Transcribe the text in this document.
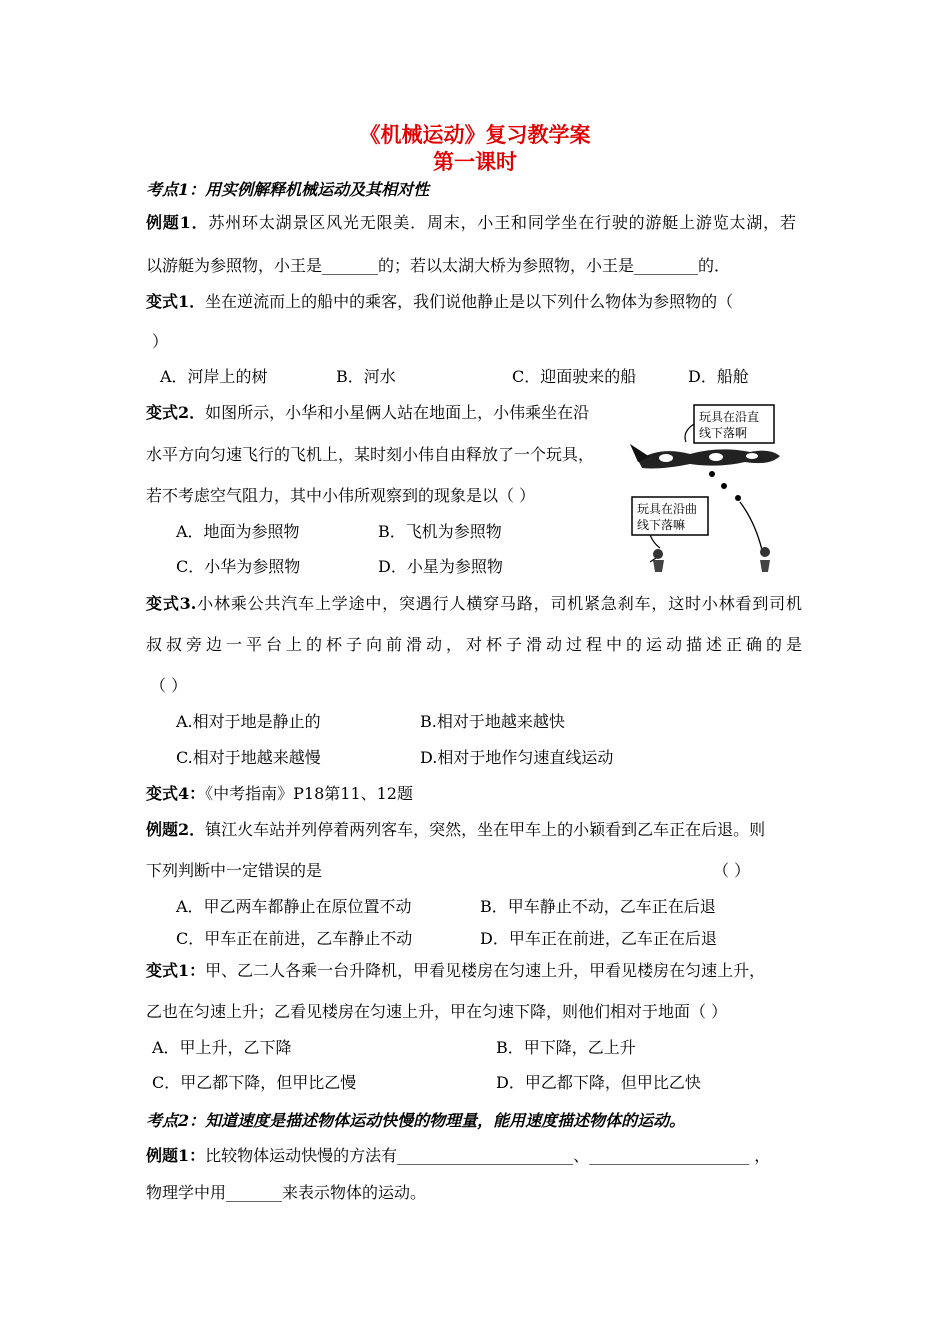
《机械运动》复习教学案
第一课时
考点1：用实例解释机械运动及其相对性
例题1．苏州环太湖景区风光无限美．周末，小王和同学坐在行驶的游艇上游览太湖，若
以游艇为参照物，小王是_______的；若以太湖大桥为参照物，小王是________的．
变式1．坐在逆流而上的船中的乘客，我们说他静止是以下列什么物体为参照物的（
）
A．河岸上的树	B．河水	C．迎面驶来的船	D．船舱
变式2．如图所示，小华和小星俩人站在地面上，小伟乘坐在沿
水平方向匀速飞行的飞机上，某时刻小伟自由释放了一个玩具，
若不考虑空气阻力，其中小伟所观察到的现象是以（ ）
A．地面为参照物	B．飞机为参照物
C．小华为参照物	D．小星为参照物
玩具在沿直
线下落啊
玩具在沿曲
线下落嘛
变式3.小林乘公共汽车上学途中，突遇行人横穿马路，司机紧急刹车，这时小林看到司机
叔叔旁边一平台上的杯子向前滑动，对杯子滑动过程中的运动描述正确的是
（ ）
A.相对于地是静止的	B.相对于地越来越快
C.相对于地越来越慢	D.相对于地作匀速直线运动
变式4：《中考指南》P18第11、12题
例题2．镇江火车站并列停着两列客车，突然，坐在甲车上的小颖看到乙车正在后退。则
下列判断中一定错误的是	（ ）
A．甲乙两车都静止在原位置不动	B．甲车静止不动，乙车正在后退
C．甲车正在前进，乙车静止不动	D．甲车正在前进，乙车正在后退
变式1：甲、乙二人各乘一台升降机，甲看见楼房在匀速上升，甲看见楼房在匀速上升，
乙也在匀速上升；乙看见楼房在匀速上升，甲在匀速下降，则他们相对于地面（ ）
A．甲上升，乙下降	B．甲下降，乙上升
C．甲乙都下降，但甲比乙慢	D．甲乙都下降，但甲比乙快
考点2：知道速度是描述物体运动快慢的物理量，能用速度描述物体的运动。
例题1：比较物体运动快慢的方法有______________________、____________________ ，
物理学中用_______来表示物体的运动。
